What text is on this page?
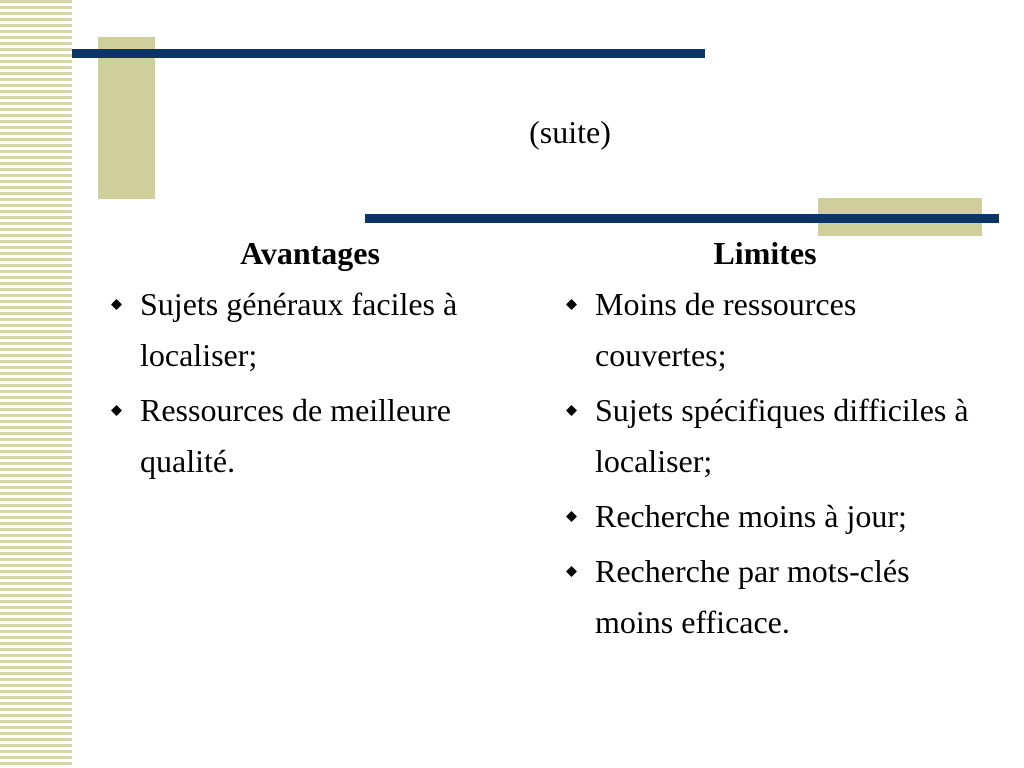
(suite)
Avantages
Sujets généraux faciles à localiser;
Ressources de meilleure qualité.
Limites
Moins de ressources couvertes;
Sujets spécifiques difficiles à localiser;
Recherche moins à jour;
Recherche par mots-clés moins efficace.
